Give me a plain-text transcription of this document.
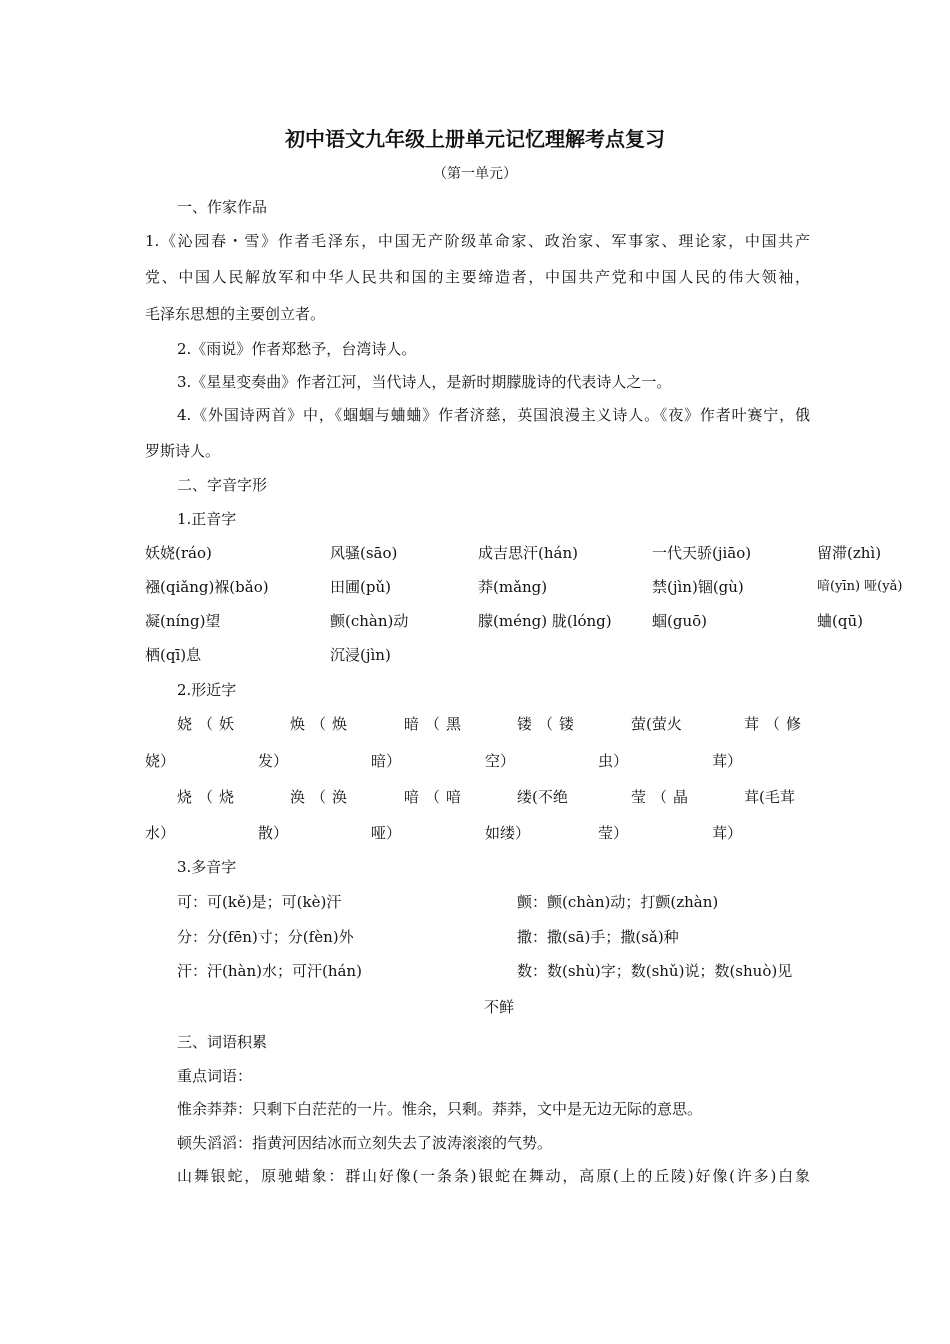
初中语文九年级上册单元记忆理解考点复习
（第一单元）
一、作家作品
1.《沁园春・雪》作者毛泽东，中国无产阶级革命家、政治家、军事家、理论家，中国共产
党、中国人民解放军和中华人民共和国的主要缔造者，中国共产党和中国人民的伟大领袖，
毛泽东思想的主要创立者。
2.《雨说》作者郑愁予，台湾诗人。
3.《星星变奏曲》作者江河，当代诗人，是新时期朦胧诗的代表诗人之一。
4.《外国诗两首》中，《蝈蝈与蛐蛐》作者济慈，英国浪漫主义诗人。《夜》作者叶赛宁，俄
罗斯诗人。
二、字音字形
1.正音字
妖娆(ráo)	风骚(sāo)	成吉思汗(hán)	一代天骄(jiāo)	留滞(zhì)
襁(qiǎng)褓(bǎo)	田圃(pǔ)	莽(mǎng)	禁(jìn)锢(gù)	喑(yīn) 哑(yǎ)
凝(níng)望	颤(chàn)动	朦(méng) 胧(lóng)	蝈(guō)	蛐(qū)
栖(qī)息	沉浸(jìn)
2.形近字
娆（妖	焕（焕	暗（黑	镂（镂	萤(萤火	茸（修
娆）	发）	暗）	空）	虫）	茸）
烧（烧	涣（涣	喑（喑	缕(不绝	莹（晶	茸(毛茸
水）	散）	哑）	如缕）	莹）	茸）
3.多音字
可：可(kě)是；可(kè)汗
分：分(fēn)寸；分(fèn)外
汗：汗(hàn)水；可汗(hán)
颤：颤(chàn)动；打颤(zhàn)
撒：撒(sā)手；撒(sǎ)种
数：数(shù)字；数(shǔ)说；数(shuò)见
不鲜
三、词语积累
重点词语：
惟余莽莽：只剩下白茫茫的一片。惟余，只剩。莽莽，文中是无边无际的意思。
顿失滔滔：指黄河因结冰而立刻失去了波涛滚滚的气势。
山舞银蛇，原驰蜡象：群山好像(一条条)银蛇在舞动，高原(上的丘陵)好像(许多)白象
